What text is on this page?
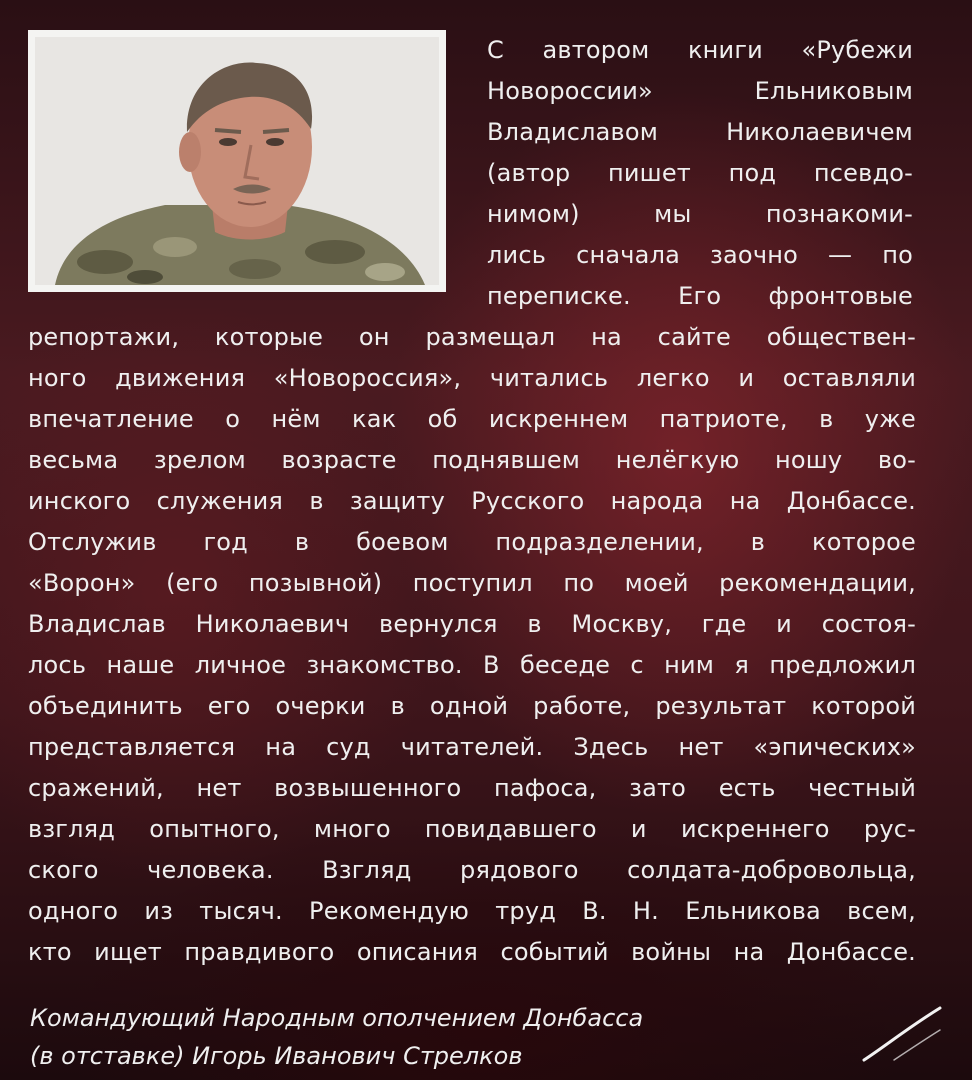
С автором книги «Рубежи
Новороссии» Ельниковым
Владиславом Николаевичем
(автор пишет под псевдо-
нимом) мы познакоми-
лись сначала заочно — по
переписке. Его фронтовые
репортажи, которые он размещал на сайте обществен-
ного движения «Новороссия», читались легко и оставляли
впечатление о нём как об искреннем патриоте, в уже
весьма зрелом возрасте поднявшем нелёгкую ношу во-
инского служения в защиту Русского народа на Донбассе.
Отслужив год в боевом подразделении, в которое
«Ворон» (его позывной) поступил по моей рекомендации,
Владислав Николаевич вернулся в Москву, где и состоя-
лось наше личное знакомство. В беседе с ним я предложил
объединить его очерки в одной работе, результат которой
представляется на суд читателей. Здесь нет «эпических»
сражений, нет возвышенного пафоса, зато есть честный
взгляд опытного, много повидавшего и искреннего рус-
ского человека. Взгляд рядового солдата-добровольца,
одного из тысяч. Рекомендую труд В. Н. Ельникова всем,
кто ищет правдивого описания событий войны на Донбассе.
Командующий Народным ополчением Донбасса
(в отставке) Игорь Иванович Стрелков
